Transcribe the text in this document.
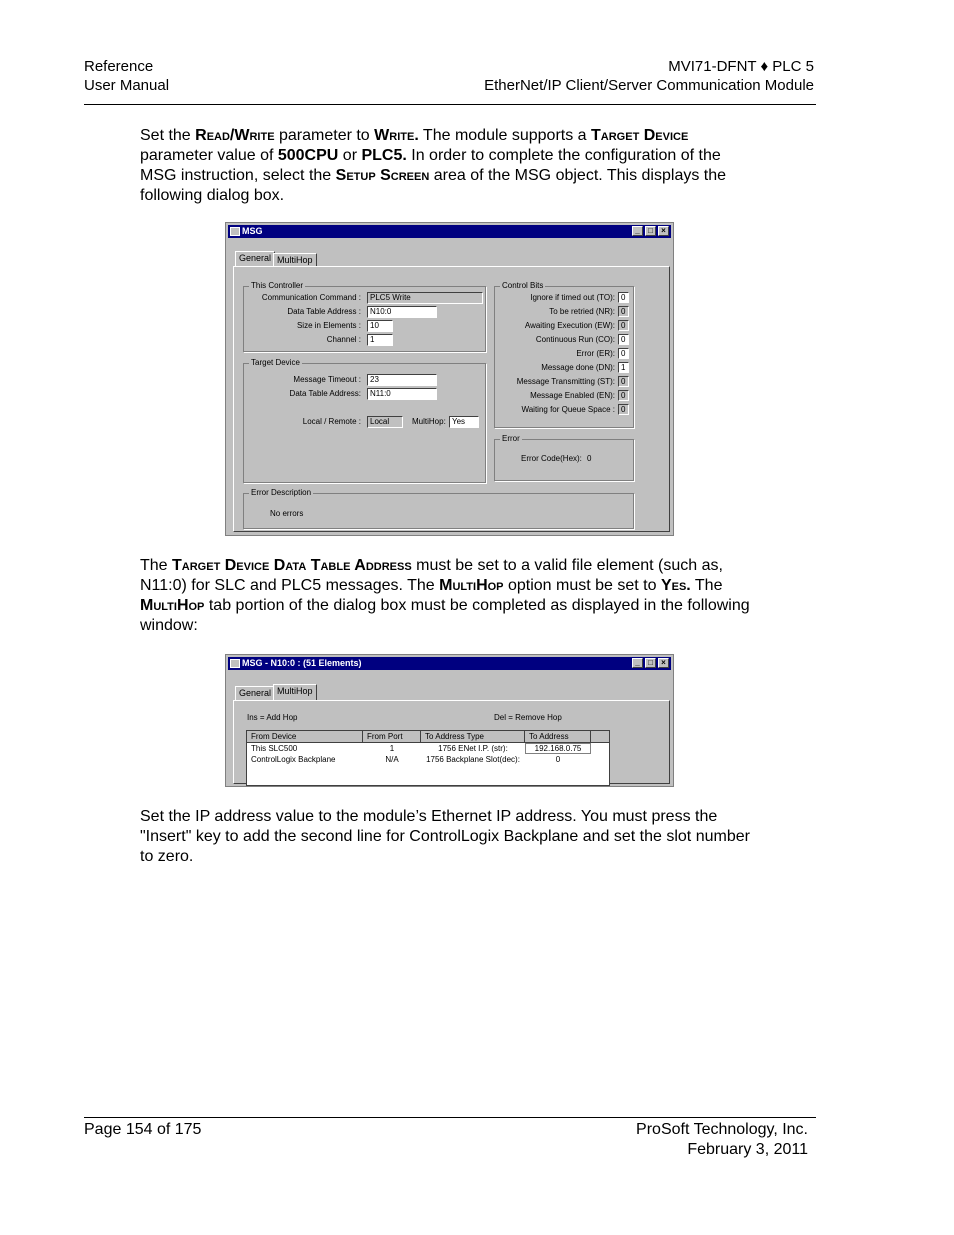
Reference
User Manual
MVI71-DFNT ♦ PLC 5
EtherNet/IP Client/Server Communication Module
Set the Read/Write parameter to Write. The module supports a Target Device parameter value of 500CPU or PLC5. In order to complete the configuration of the MSG instruction, select the Setup Screen area of the MSG object. This displays the following dialog box.
MSG	_	□	×
General MultiHop
This Controller
Communication Command :	PLC5 Write
Data Table Address :	N10:0
Size in Elements :	10
Channel :	1
Target Device
Message Timeout :	23
Data Table Address:	N11:0
Local / Remote :	Local	MultiHop: Yes
Control Bits
Ignore if timed out (TO): 0
To be retried (NR): 0
Awaiting Execution (EW): 0
Continuous Run (CO): 0
Error (ER): 0
Message done (DN): 1
Message Transmitting (ST): 0
Message Enabled (EN): 0
Waiting for Queue Space : 0
Error
Error Code(Hex): 0
Error Description
No errors
The Target Device Data Table Address must be set to a valid file element (such as, N11:0) for SLC and PLC5 messages. The MultiHop option must be set to Yes. The MultiHop tab portion of the dialog box must be completed as displayed in the following window:
MSG - N10:0 : (51 Elements)	_	□	×
General MultiHop
Ins = Add Hop	Del = Remove Hop
From Device	From Port	To Address Type	To Address
This SLC500	1	1756 ENet I.P. (str):	192.168.0.75
ControlLogix Backplane	N/A	1756 Backplane Slot(dec):	0
Set the IP address value to the module’s Ethernet IP address. You must press the "Insert" key to add the second line for ControlLogix Backplane and set the slot number to zero.
Page 154 of 175	ProSoft Technology, Inc.
February 3, 2011
